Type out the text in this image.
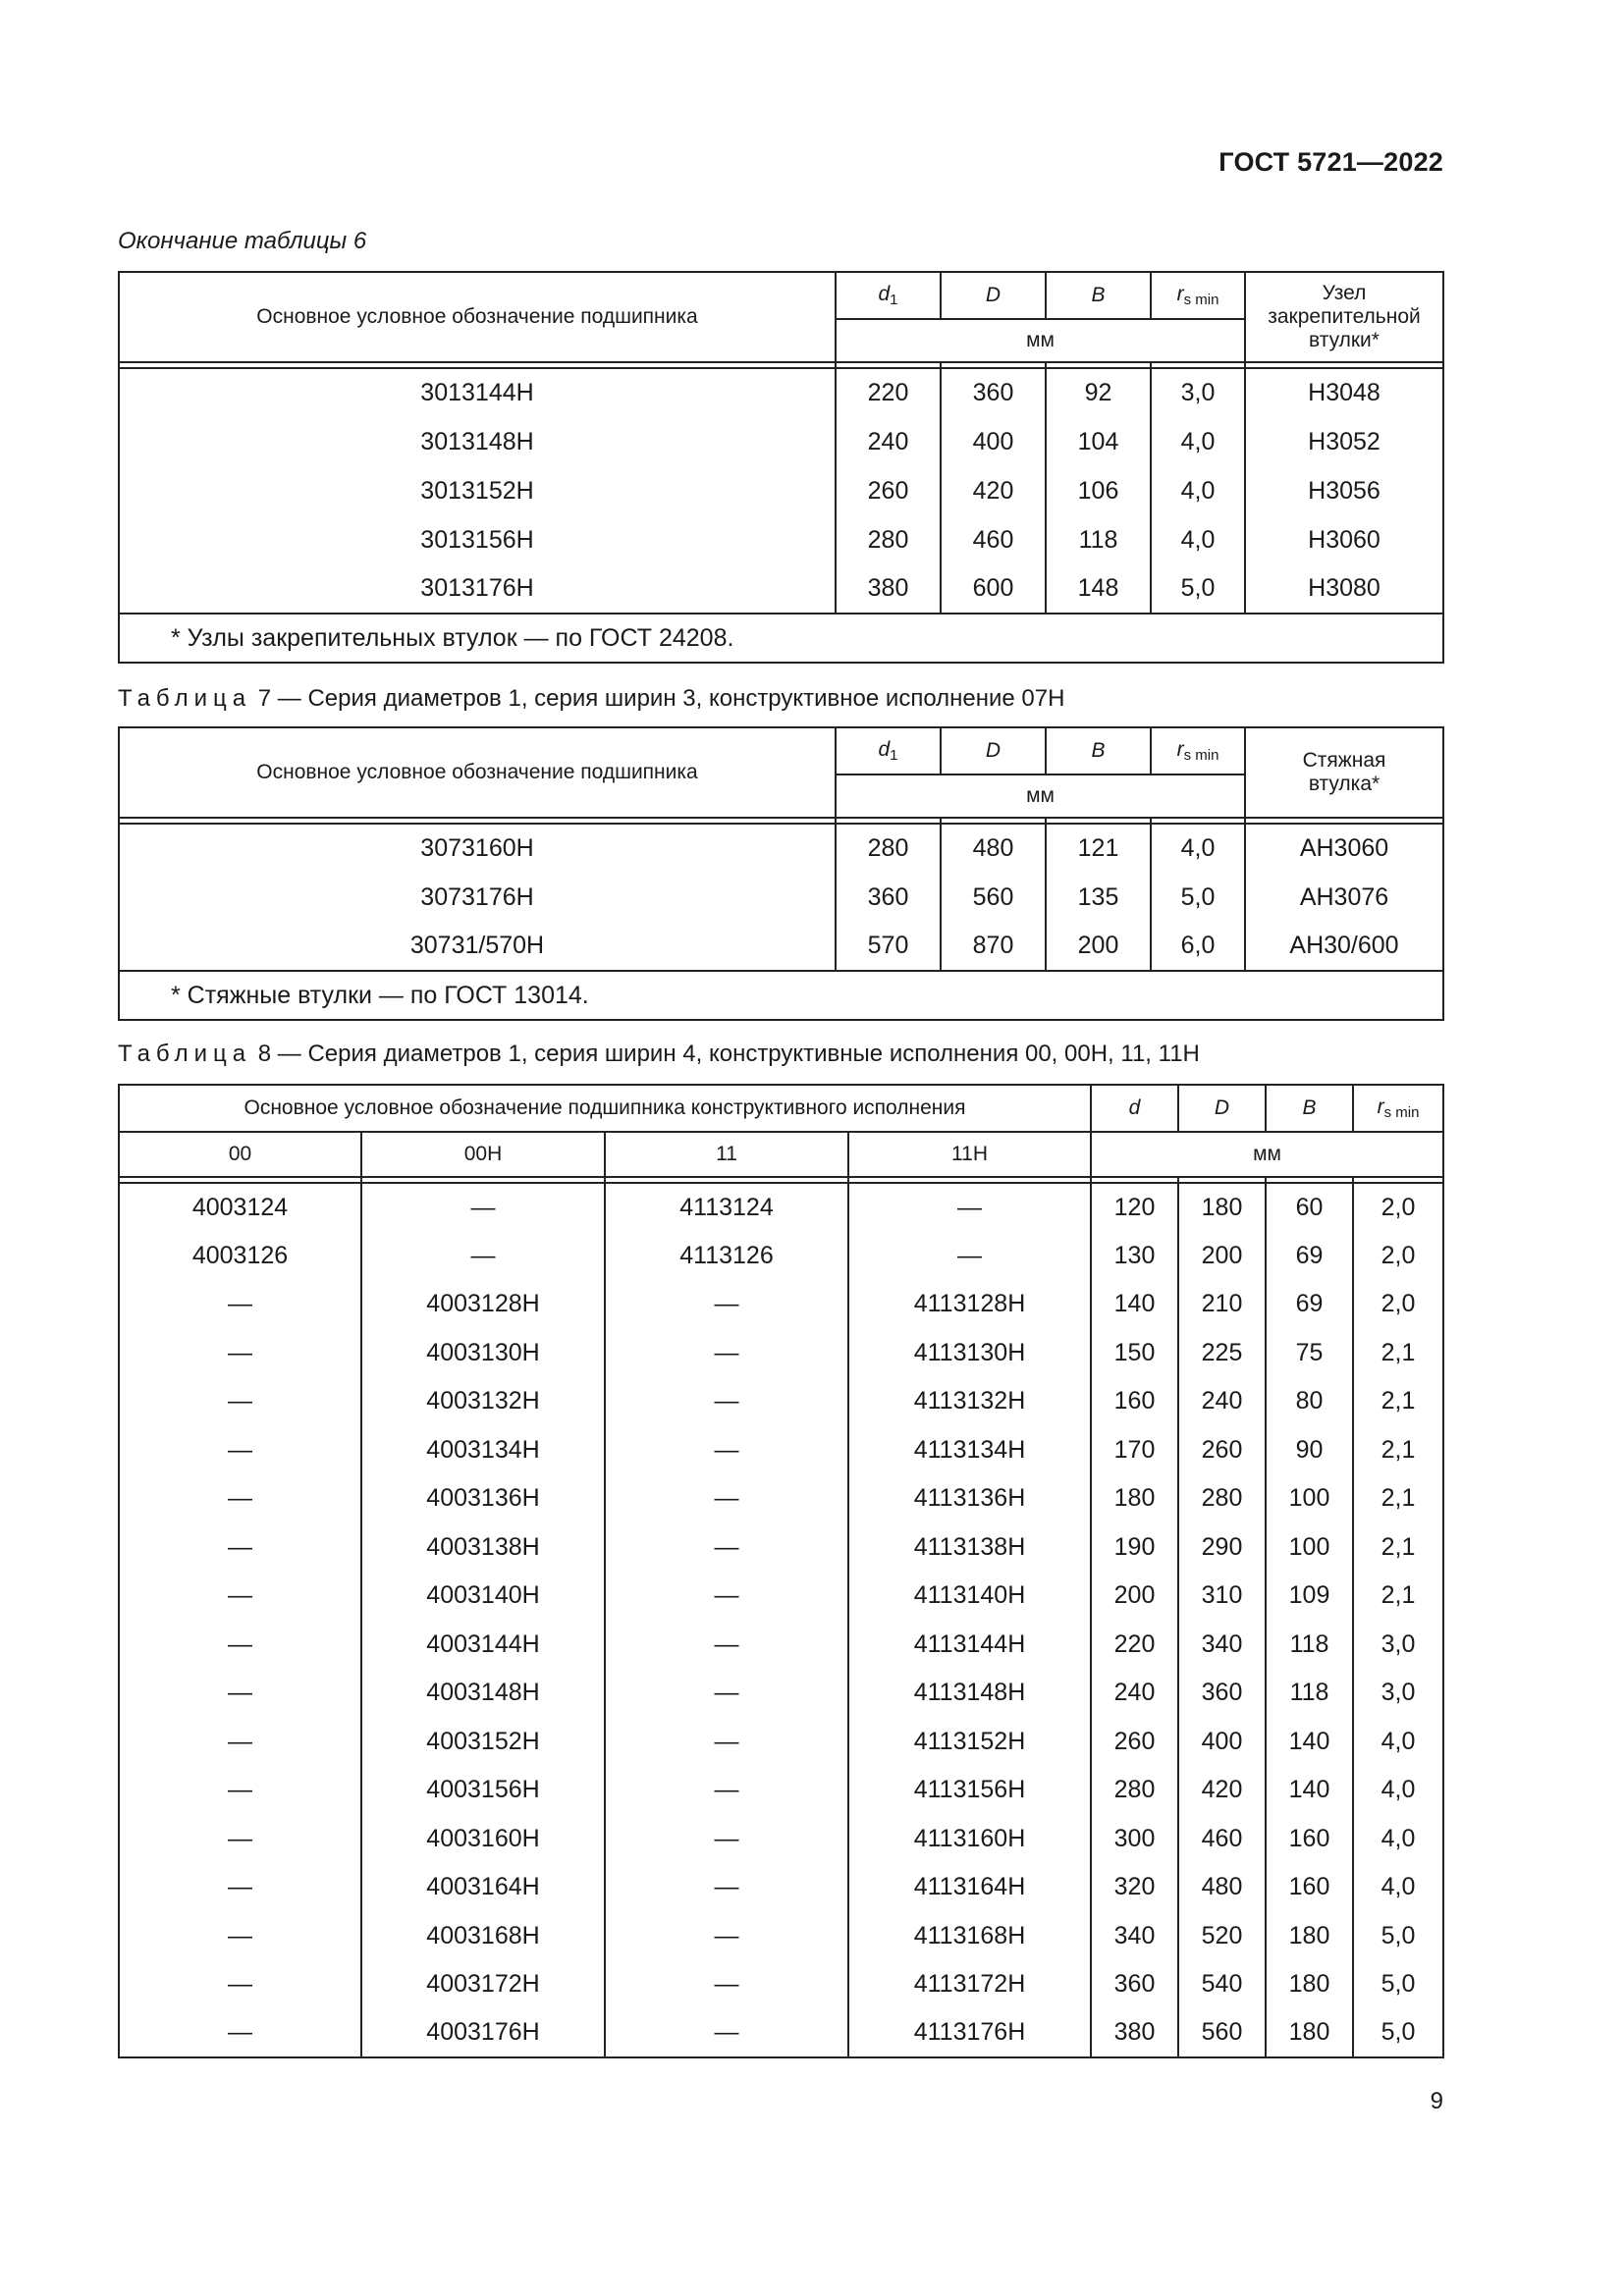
ГОСТ 5721—2022
Окончание таблицы 6
Основное условное обозначение подшипника	$d_1$	D	B	rs min	Узел закрепительной втулки*
	мм				

3013144H	220	360	92	3,0	H3048
3013148H	240	400	104	4,0	H3052
3013152H	260	420	106	4,0	H3056
3013156H	280	460	118	4,0	H3060
3013176H	380	600	148	5,0	H3080
* Узлы закрепительных втулок — по ГОСТ 24208.					
Таблица 7 — Серия диаметров 1, серия ширин 3, конструктивное исполнение 07Н
Основное условное обозначение подшипника	$d_1$	D	B	rs min	Стяжная втулка*
	мм				

3073160H	280	480	121	4,0	AH3060
3073176H	360	560	135	5,0	AH3076
30731/570H	570	870	200	6,0	AH30/600
* Стяжные втулки — по ГОСТ 13014.					
Таблица 8 — Серия диаметров 1, серия ширин 4, конструктивные исполнения 00, 00Н, 11, 11Н
Основное условное обозначение подшипника конструктивного исполнения				d	D	B	rs min
00	00Н	11	11Н	мм			

4003124	—	4113124	—	120	180	60	2,0
4003126	—	4113126	—	130	200	69	2,0
—	4003128H	—	4113128H	140	210	69	2,0
—	4003130H	—	4113130H	150	225	75	2,1
—	4003132H	—	4113132H	160	240	80	2,1
—	4003134H	—	4113134H	170	260	90	2,1
—	4003136H	—	4113136H	180	280	100	2,1
—	4003138H	—	4113138H	190	290	100	2,1
—	4003140H	—	4113140H	200	310	109	2,1
—	4003144H	—	4113144H	220	340	118	3,0
—	4003148H	—	4113148H	240	360	118	3,0
—	4003152H	—	4113152H	260	400	140	4,0
—	4003156H	—	4113156H	280	420	140	4,0
—	4003160H	—	4113160H	300	460	160	4,0
—	4003164H	—	4113164H	320	480	160	4,0
—	4003168H	—	4113168H	340	520	180	5,0
—	4003172H	—	4113172H	360	540	180	5,0
—	4003176H	—	4113176H	380	560	180	5,0
9
